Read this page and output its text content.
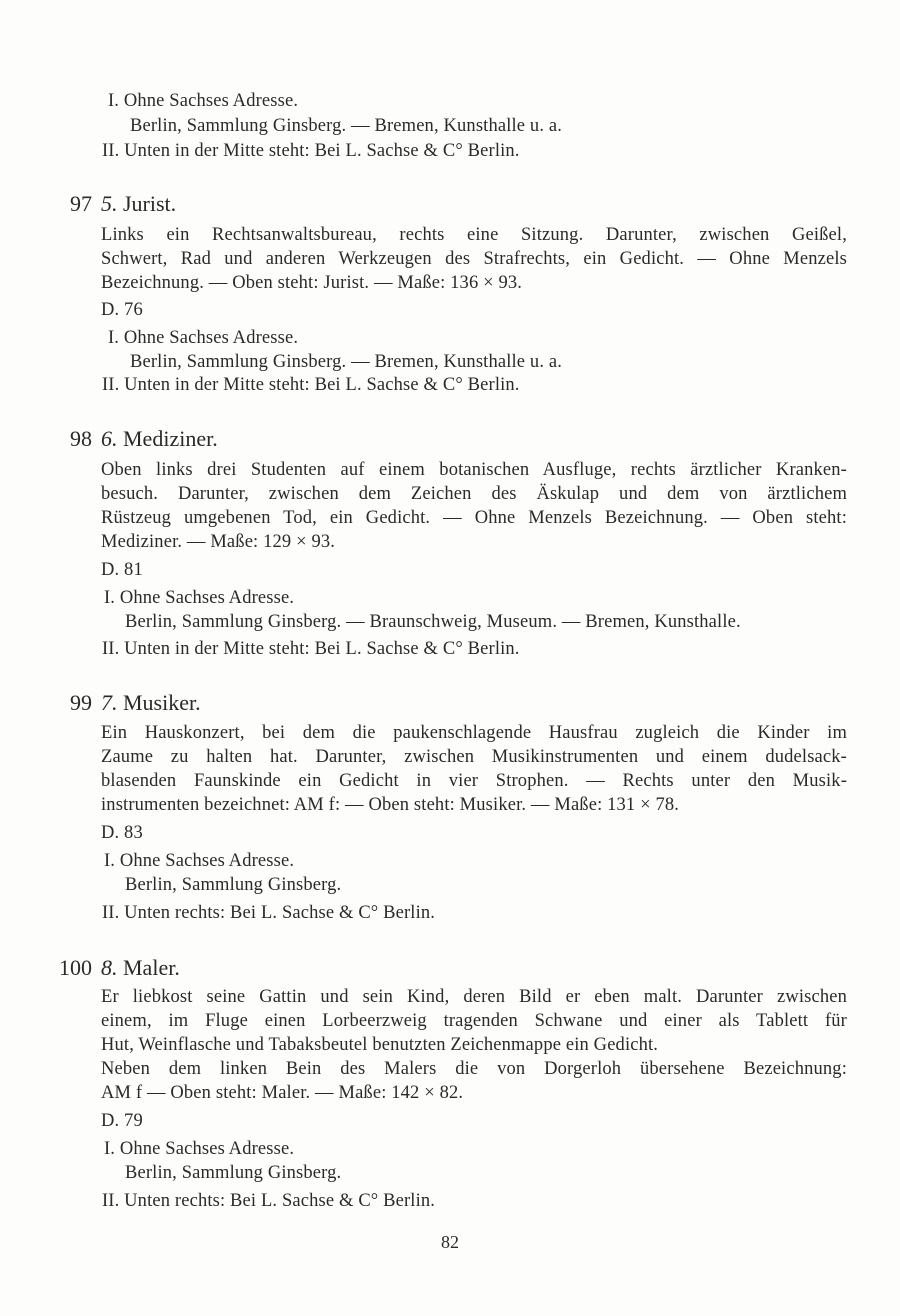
I. Ohne Sachses Adresse.
Berlin, Sammlung Ginsberg. — Bremen, Kunsthalle u. a.
II. Unten in der Mitte steht: Bei L. Sachse & C° Berlin.
97 5. Jurist.
Links ein Rechtsanwaltsbureau, rechts eine Sitzung. Darunter, zwischen Geißel,
Schwert, Rad und anderen Werkzeugen des Strafrechts, ein Gedicht. — Ohne Menzels
Bezeichnung. — Oben steht: Jurist. — Maße: 136 × 93.
D. 76
I. Ohne Sachses Adresse.
Berlin, Sammlung Ginsberg. — Bremen, Kunsthalle u. a.
II. Unten in der Mitte steht: Bei L. Sachse & C° Berlin.
98 6. Mediziner.
Oben links drei Studenten auf einem botanischen Ausfluge, rechts ärztlicher Kranken-
besuch. Darunter, zwischen dem Zeichen des Äskulap und dem von ärztlichem
Rüstzeug umgebenen Tod, ein Gedicht. — Ohne Menzels Bezeichnung. — Oben steht:
Mediziner. — Maße: 129 × 93.
D. 81
I. Ohne Sachses Adresse.
Berlin, Sammlung Ginsberg. — Braunschweig, Museum. — Bremen, Kunsthalle.
II. Unten in der Mitte steht: Bei L. Sachse & C° Berlin.
99 7. Musiker.
Ein Hauskonzert, bei dem die paukenschlagende Hausfrau zugleich die Kinder im
Zaume zu halten hat. Darunter, zwischen Musikinstrumenten und einem dudelsack-
blasenden Faunskinde ein Gedicht in vier Strophen. — Rechts unter den Musik-
instrumenten bezeichnet: AM f: — Oben steht: Musiker. — Maße: 131 × 78.
D. 83
I. Ohne Sachses Adresse.
Berlin, Sammlung Ginsberg.
II. Unten rechts: Bei L. Sachse & C° Berlin.
100 8. Maler.
Er liebkost seine Gattin und sein Kind, deren Bild er eben malt. Darunter zwischen
einem, im Fluge einen Lorbeerzweig tragenden Schwane und einer als Tablett für
Hut, Weinflasche und Tabaksbeutel benutzten Zeichenmappe ein Gedicht.
Neben dem linken Bein des Malers die von Dorgerloh übersehene Bezeichnung:
AM f — Oben steht: Maler. — Maße: 142 × 82.
D. 79
I. Ohne Sachses Adresse.
Berlin, Sammlung Ginsberg.
II. Unten rechts: Bei L. Sachse & C° Berlin.
82
